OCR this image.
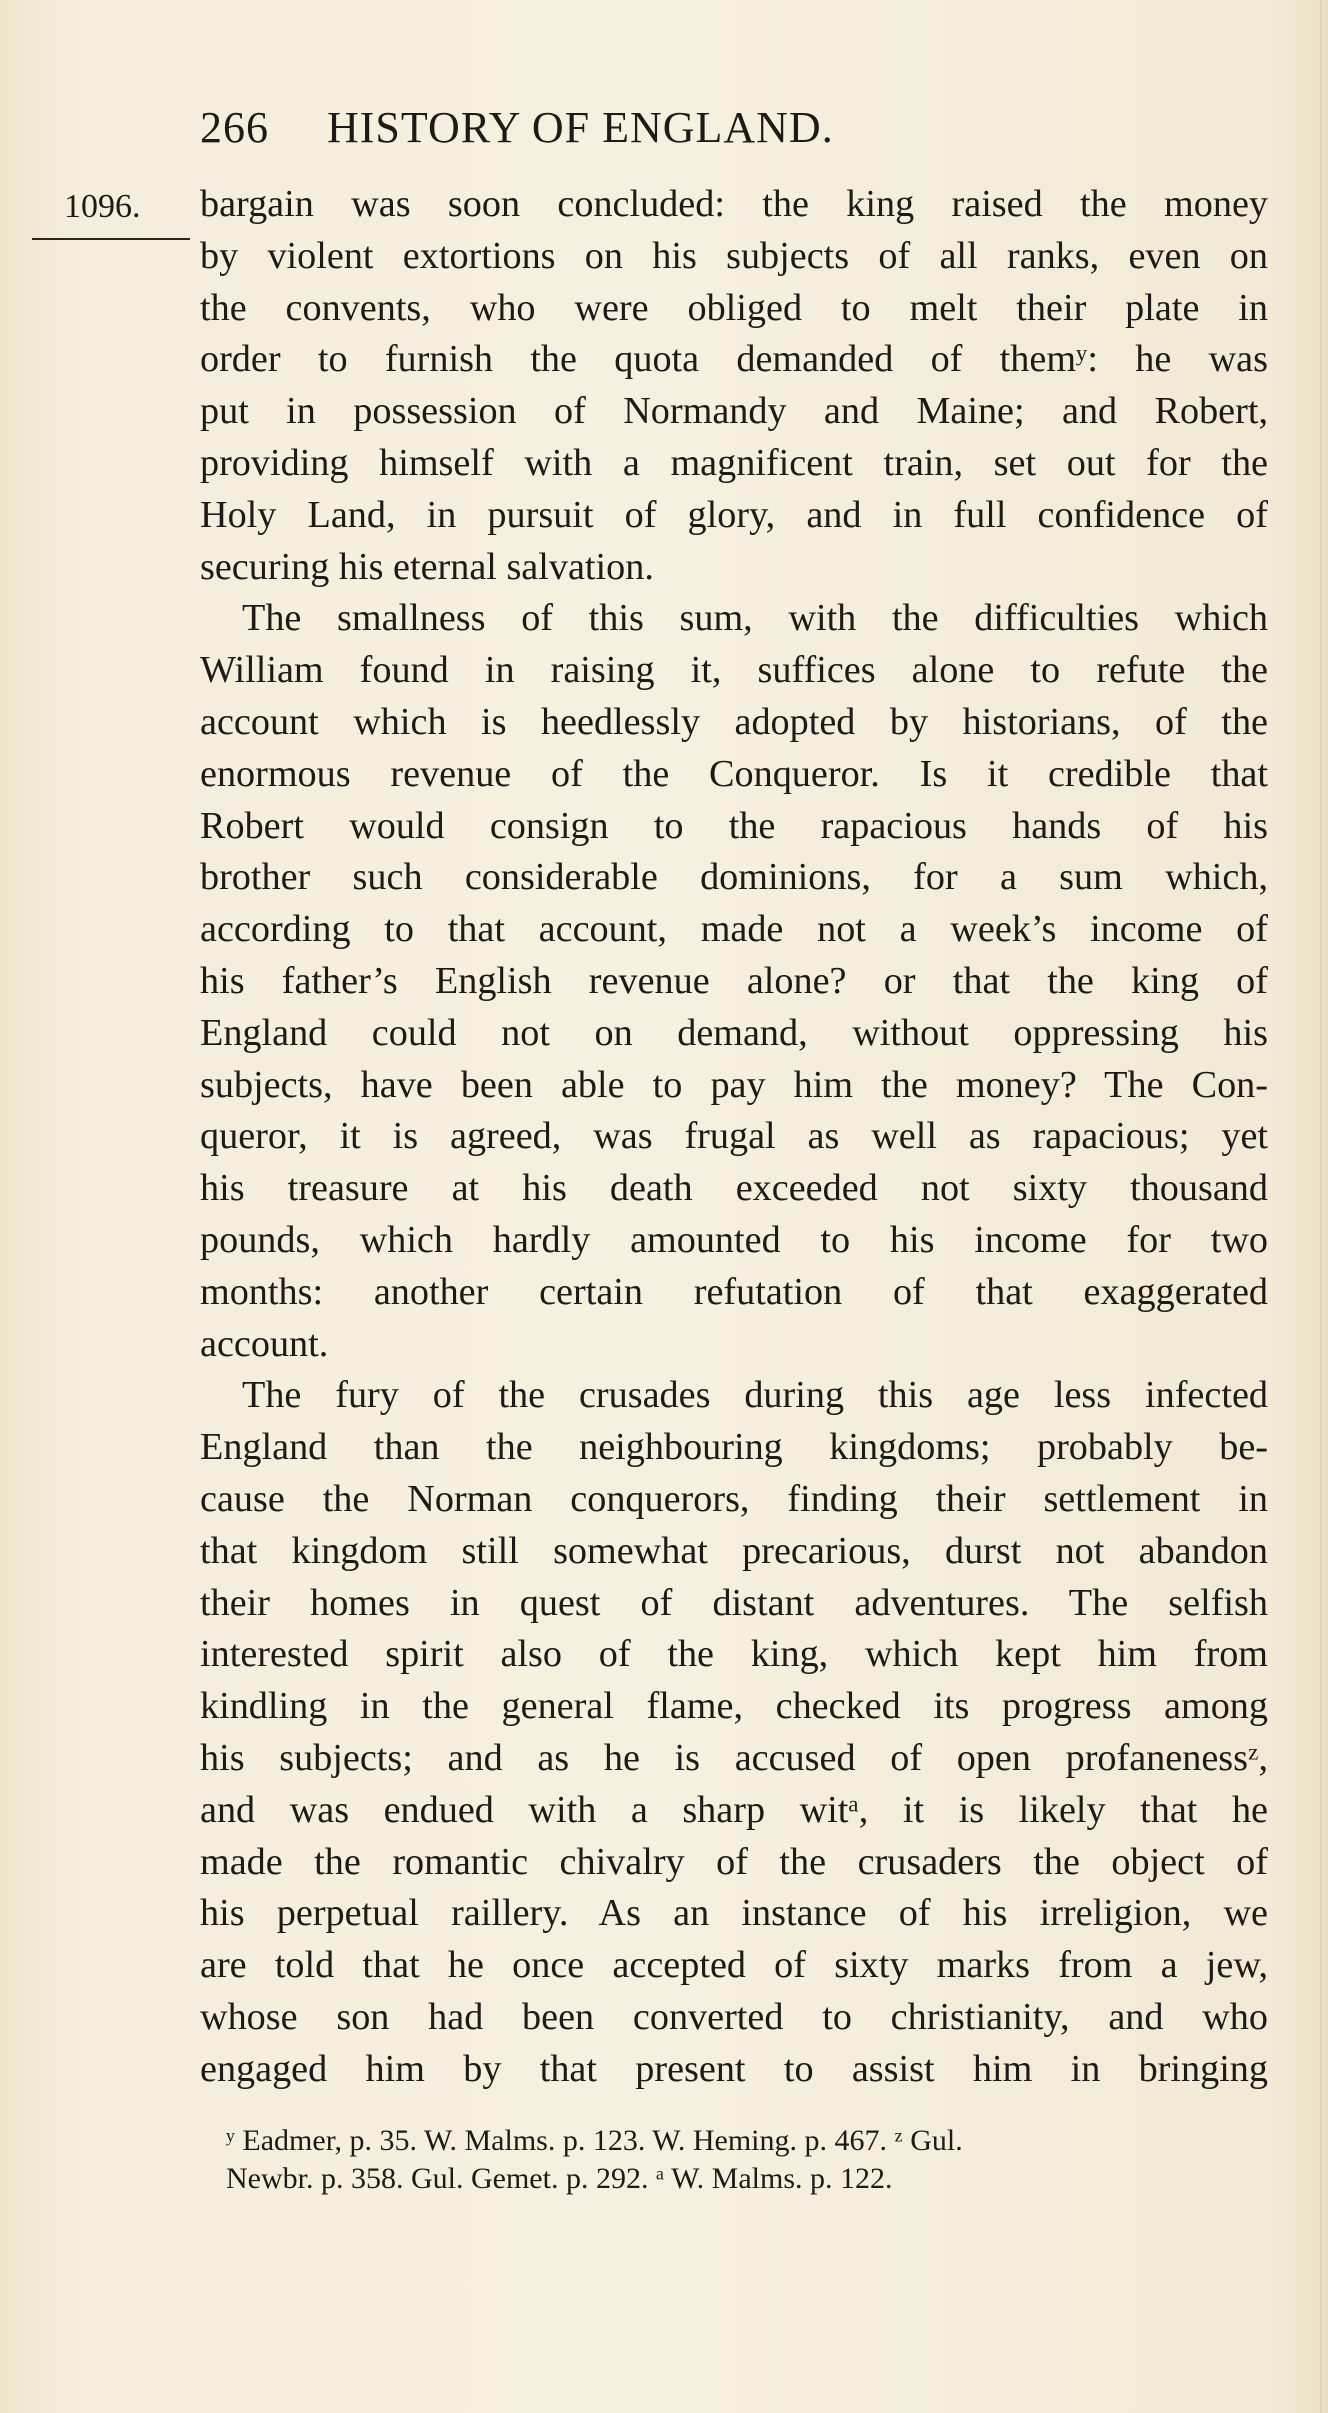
266 HISTORY OF ENGLAND.
1096. bargain was soon concluded: the king raised the money
by violent extortions on his subjects of all ranks, even on
the convents, who were obliged to melt their plate in
order to furnish the quota demanded of themʸ: he was
put in possession of Normandy and Maine; and Robert,
providing himself with a magnificent train, set out for the
Holy Land, in pursuit of glory, and in full confidence of
securing his eternal salvation.
The smallness of this sum, with the difficulties which
William found in raising it, suffices alone to refute the
account which is heedlessly adopted by historians, of the
enormous revenue of the Conqueror. Is it credible that
Robert would consign to the rapacious hands of his
brother such considerable dominions, for a sum which,
according to that account, made not a week’s income of
his father’s English revenue alone? or that the king of
England could not on demand, without oppressing his
subjects, have been able to pay him the money? The Con-
queror, it is agreed, was frugal as well as rapacious; yet
his treasure at his death exceeded not sixty thousand
pounds, which hardly amounted to his income for two
months: another certain refutation of that exaggerated
account.
The fury of the crusades during this age less infected
England than the neighbouring kingdoms; probably be-
cause the Norman conquerors, finding their settlement in
that kingdom still somewhat precarious, durst not abandon
their homes in quest of distant adventures. The selfish
interested spirit also of the king, which kept him from
kindling in the general flame, checked its progress among
his subjects; and as he is accused of open profanenessᶻ,
and was endued with a sharp witᵃ, it is likely that he
made the romantic chivalry of the crusaders the object of
his perpetual raillery. As an instance of his irreligion, we
are told that he once accepted of sixty marks from a jew,
whose son had been converted to christianity, and who
engaged him by that present to assist him in bringing
ʸ Eadmer, p. 35. W. Malms. p. 123. W. Heming. p. 467. ᶻ Gul.
Newbr. p. 358. Gul. Gemet. p. 292. ᵃ W. Malms. p. 122.
